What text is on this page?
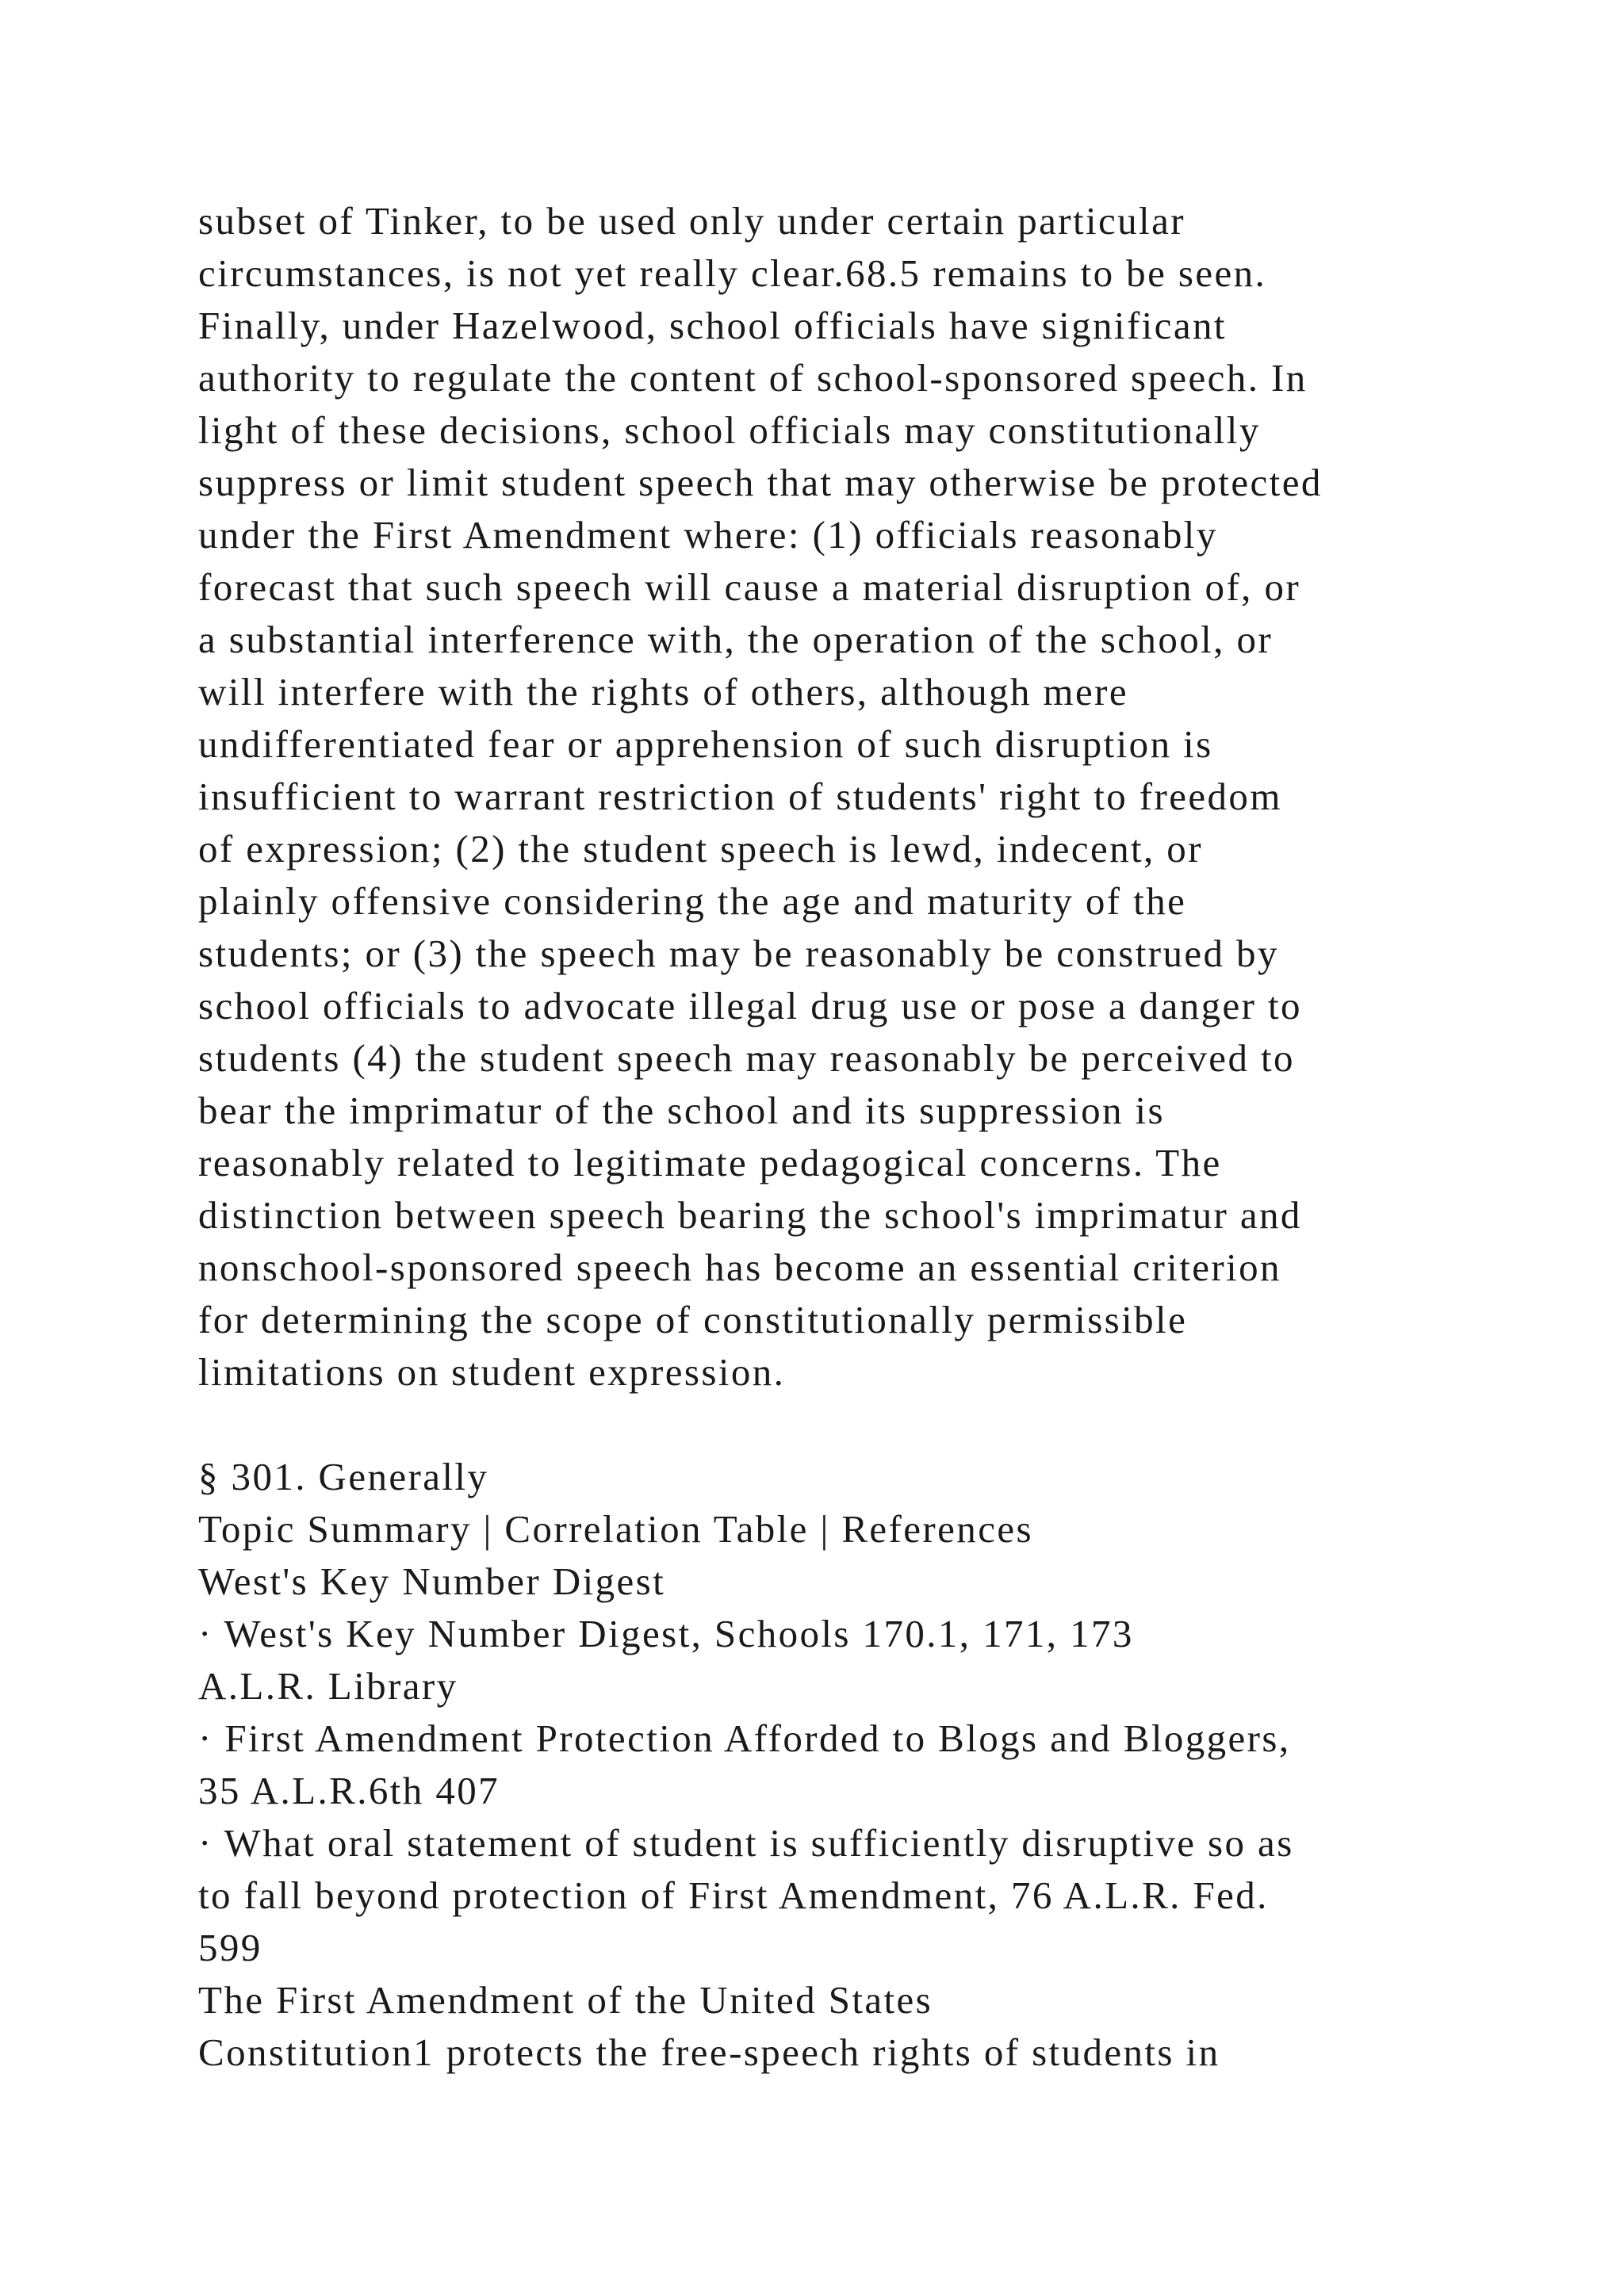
subset of Tinker, to be used only under certain particular
circumstances, is not yet really clear.68.5 remains to be seen.
Finally, under Hazelwood, school officials have significant
authority to regulate the content of school-sponsored speech. In
light of these decisions, school officials may constitutionally
suppress or limit student speech that may otherwise be protected
under the First Amendment where: (1) officials reasonably
forecast that such speech will cause a material disruption of, or
a substantial interference with, the operation of the school, or
will interfere with the rights of others, although mere
undifferentiated fear or apprehension of such disruption is
insufficient to warrant restriction of students' right to freedom
of expression; (2) the student speech is lewd, indecent, or
plainly offensive considering the age and maturity of the
students; or (3) the speech may be reasonably be construed by
school officials to advocate illegal drug use or pose a danger to
students (4) the student speech may reasonably be perceived to
bear the imprimatur of the school and its suppression is
reasonably related to legitimate pedagogical concerns. The
distinction between speech bearing the school's imprimatur and
nonschool-sponsored speech has become an essential criterion
for determining the scope of constitutionally permissible
limitations on student expression.
§ 301. Generally
Topic Summary | Correlation Table | References
West's Key Number Digest
· West's Key Number Digest, Schools 170.1, 171, 173
A.L.R. Library
· First Amendment Protection Afforded to Blogs and Bloggers,
35 A.L.R.6th 407
· What oral statement of student is sufficiently disruptive so as
to fall beyond protection of First Amendment, 76 A.L.R. Fed.
599
The First Amendment of the United States
Constitution1 protects the free-speech rights of students in
